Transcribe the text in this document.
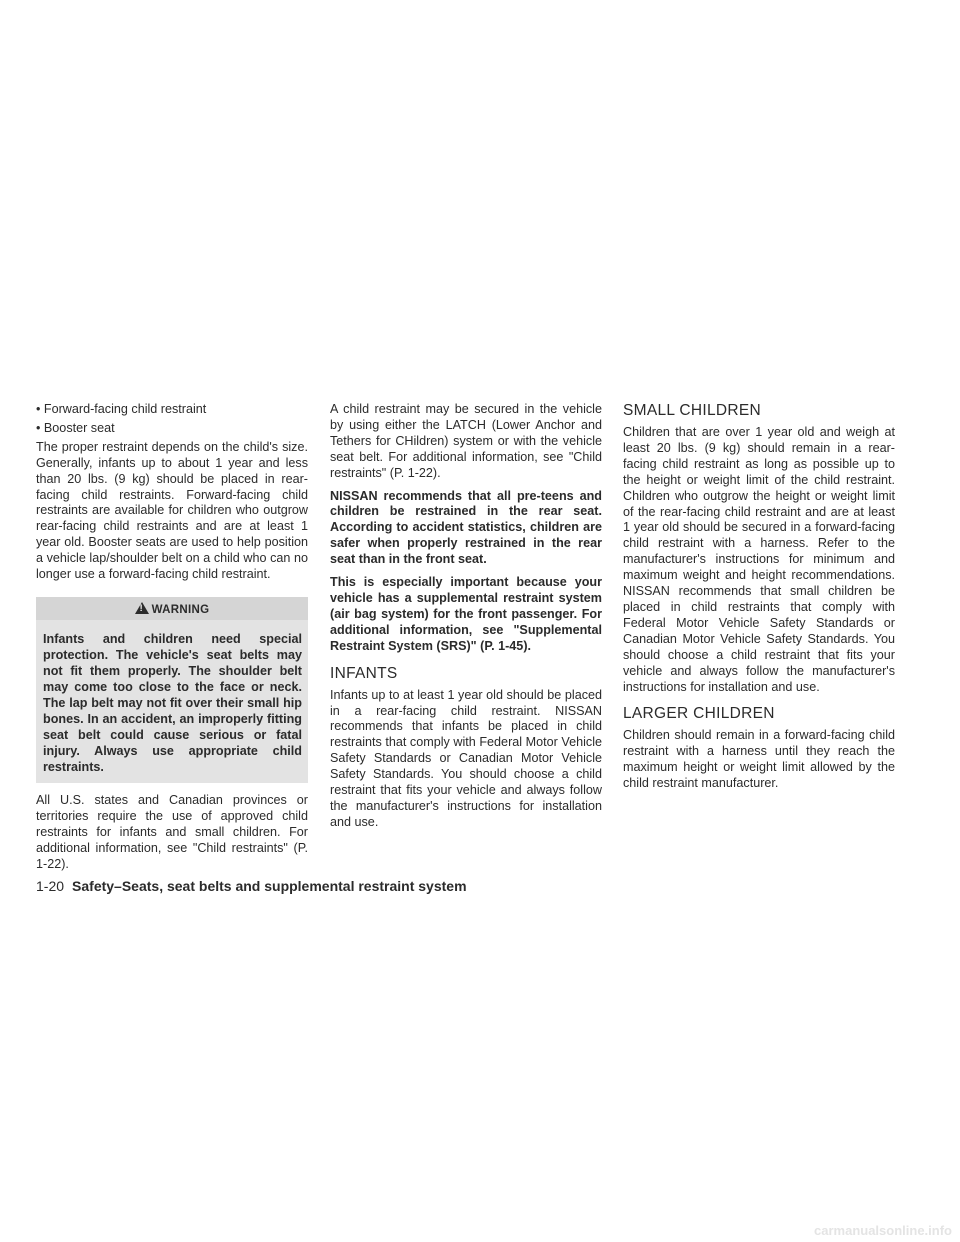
• Forward-facing child restraint

• Booster seat

The proper restraint depends on the child's size. Generally, infants up to about 1 year and less than 20 lbs. (9 kg) should be placed in rear-facing child restraints. Forward-facing child restraints are available for children who outgrow rear-facing child restraints and are at least 1 year old. Booster seats are used to help position a vehicle lap/shoulder belt on a child who can no longer use a forward-facing child restraint.

!WARNING
Infants and children need special protection. The vehicle's seat belts may not fit them properly. The shoulder belt may come too close to the face or neck. The lap belt may not fit over their small hip bones. In an accident, an improperly fitting seat belt could cause serious or fatal injury. Always use appropriate child restraints.

All U.S. states and Canadian provinces or territories require the use of approved child restraints for infants and small children. For additional information, see "Child restraints" (P. 1-22).

A child restraint may be secured in the vehicle by using either the LATCH (Lower Anchor and Tethers for CHildren) system or with the vehicle seat belt. For additional information, see "Child restraints" (P. 1-22).

NISSAN recommends that all pre-teens and children be restrained in the rear seat. According to accident statistics, children are safer when properly restrained in the rear seat than in the front seat.

This is especially important because your vehicle has a supplemental restraint system (air bag system) for the front passenger. For additional information, see "Supplemental Restraint System (SRS)" (P. 1-45).

INFANTS

Infants up to at least 1 year old should be placed in a rear-facing child restraint. NISSAN recommends that infants be placed in child restraints that comply with Federal Motor Vehicle Safety Standards or Canadian Motor Vehicle Safety Standards. You should choose a child restraint that fits your vehicle and always follow the manufacturer's instructions for installation and use.

SMALL CHILDREN

Children that are over 1 year old and weigh at least 20 lbs. (9 kg) should remain in a rear-facing child restraint as long as possible up to the height or weight limit of the child restraint. Children who outgrow the height or weight limit of the rear-facing child restraint and are at least 1 year old should be secured in a forward-facing child restraint with a harness. Refer to the manufacturer's instructions for minimum and maximum weight and height recommendations. NISSAN recommends that small children be placed in child restraints that comply with Federal Motor Vehicle Safety Standards or Canadian Motor Vehicle Safety Standards. You should choose a child restraint that fits your vehicle and always follow the manufacturer's instructions for installation and use.

LARGER CHILDREN

Children should remain in a forward-facing child restraint with a harness until they reach the maximum height or weight limit allowed by the child restraint manufacturer.

1-20 Safety–Seats, seat belts and supplemental restraint system
carmanualsonline.info
